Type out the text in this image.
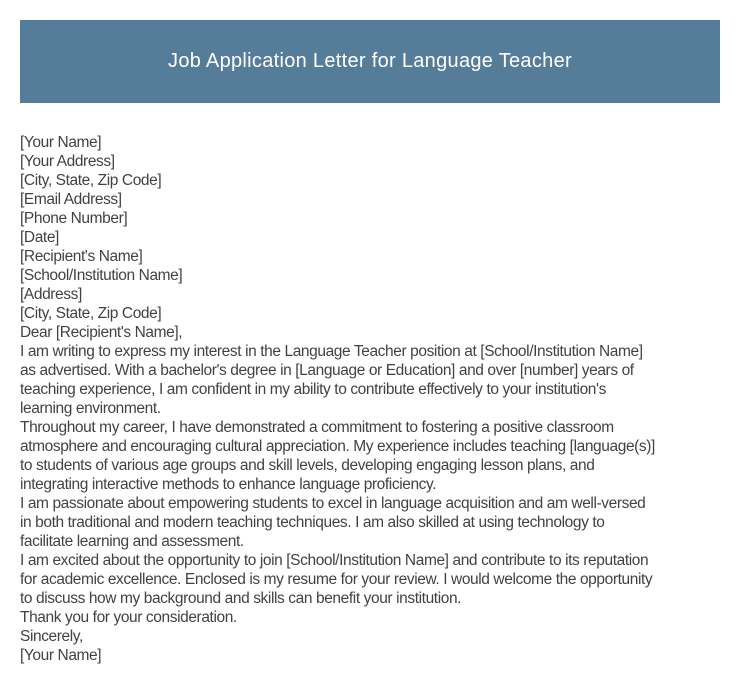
Job Application Letter for Language Teacher
[Your Name]
[Your Address]
[City, State, Zip Code]
[Email Address]
[Phone Number]
[Date]
[Recipient's Name]
[School/Institution Name]
[Address]
[City, State, Zip Code]
Dear [Recipient's Name],
I am writing to express my interest in the Language Teacher position at [School/Institution Name]
as advertised. With a bachelor's degree in [Language or Education] and over [number] years of
teaching experience, I am confident in my ability to contribute effectively to your institution's
learning environment.
Throughout my career, I have demonstrated a commitment to fostering a positive classroom
atmosphere and encouraging cultural appreciation. My experience includes teaching [language(s)]
to students of various age groups and skill levels, developing engaging lesson plans, and
integrating interactive methods to enhance language proficiency.
I am passionate about empowering students to excel in language acquisition and am well-versed
in both traditional and modern teaching techniques. I am also skilled at using technology to
facilitate learning and assessment.
I am excited about the opportunity to join [School/Institution Name] and contribute to its reputation
for academic excellence. Enclosed is my resume for your review. I would welcome the opportunity
to discuss how my background and skills can benefit your institution.
Thank you for your consideration.
Sincerely,
[Your Name]
